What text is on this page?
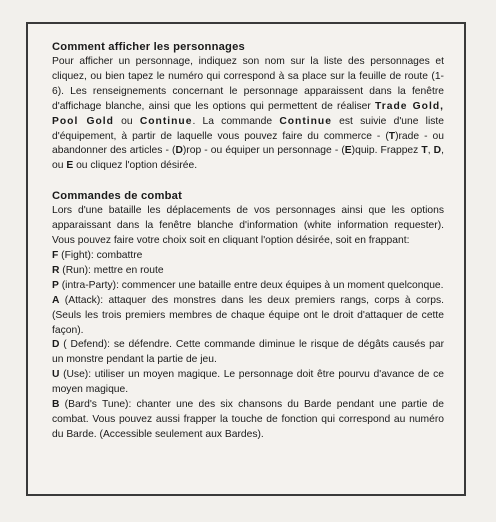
Comment afficher les personnages

Pour afficher un personnage, indiquez son nom sur la liste des personnages et cliquez, ou bien tapez le numéro qui correspond à sa place sur la feuille de route (1-6). Les renseignements concernant le personnage apparaissent dans la fenêtre d'affichage blanche, ainsi que les options qui permettent de réaliser Trade Gold, Pool Gold ou Continue. La commande Continue est suivie d'une liste d'équipement, à partir de laquelle vous pouvez faire du commerce - (T)rade - ou abandonner des articles - (D)rop - ou équiper un personnage - (E)quip. Frappez T, D, ou E ou cliquez l'option désirée.

Commandes de combat

Lors d'une bataille les déplacements de vos personnages ainsi que les options apparaissant dans la fenêtre blanche d'information (white information requester). Vous pouvez faire votre choix soit en cliquant l'option désirée, soit en frappant:

F (Fight): combattre

R (Run): mettre en route

P (intra-Party): commencer une bataille entre deux équipes à un moment quelconque.

A (Attack): attaquer des monstres dans les deux premiers rangs, corps à corps. (Seuls les trois premiers membres de chaque équipe ont le droit d'attaquer de cette façon).

D ( Defend): se défendre. Cette commande diminue le risque de dégâts causés par un monstre pendant la partie de jeu.

U (Use): utiliser un moyen magique. Le personnage doit être pourvu d'avance de ce moyen magique.

B (Bard's Tune): chanter une des six chansons du Barde pendant une partie de combat. Vous pouvez aussi frapper la touche de fonction qui correspond au numéro du Barde. (Accessible seulement aux Bardes).
